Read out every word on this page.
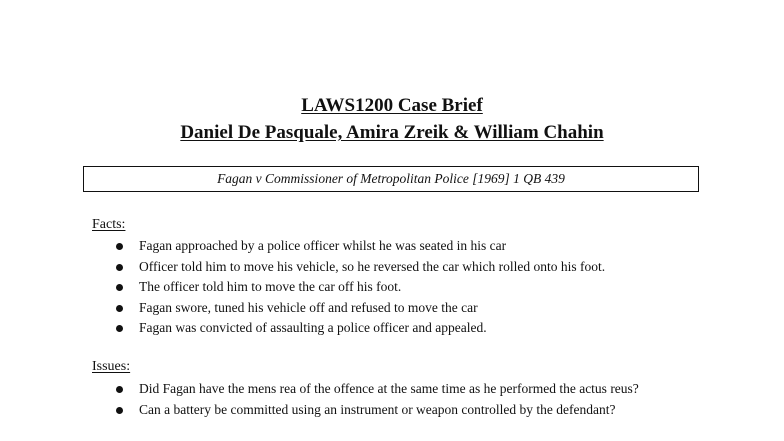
LAWS1200 Case Brief
Daniel De Pasquale, Amira Zreik & William Chahin
Fagan v Commissioner of Metropolitan Police [1969] 1 QB 439
Facts:
Fagan approached by a police officer whilst he was seated in his car
Officer told him to move his vehicle, so he reversed the car which rolled onto his foot.
The officer told him to move the car off his foot.
Fagan swore, tuned his vehicle off and refused to move the car
Fagan was convicted of assaulting a police officer and appealed.
Issues:
Did Fagan have the mens rea of the offence at the same time as he performed the actus reus?
Can a battery be committed using an instrument or weapon controlled by the defendant?
